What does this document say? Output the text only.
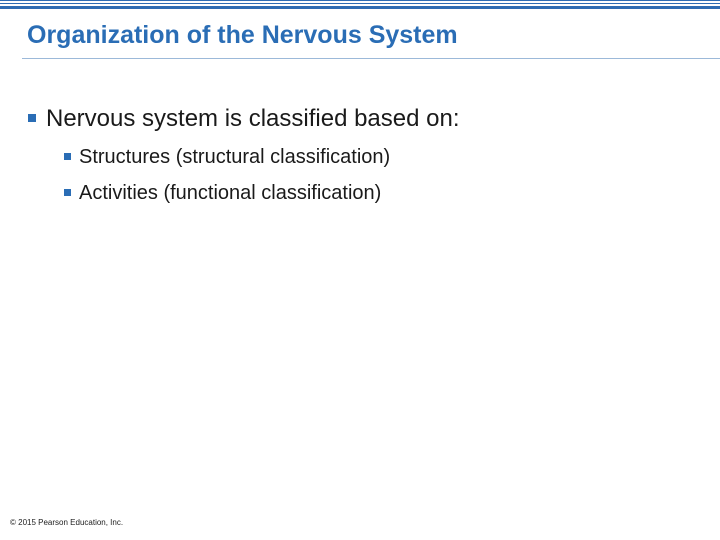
Organization of the Nervous System
Nervous system is classified based on:
Structures (structural classification)
Activities (functional classification)
© 2015 Pearson Education, Inc.
